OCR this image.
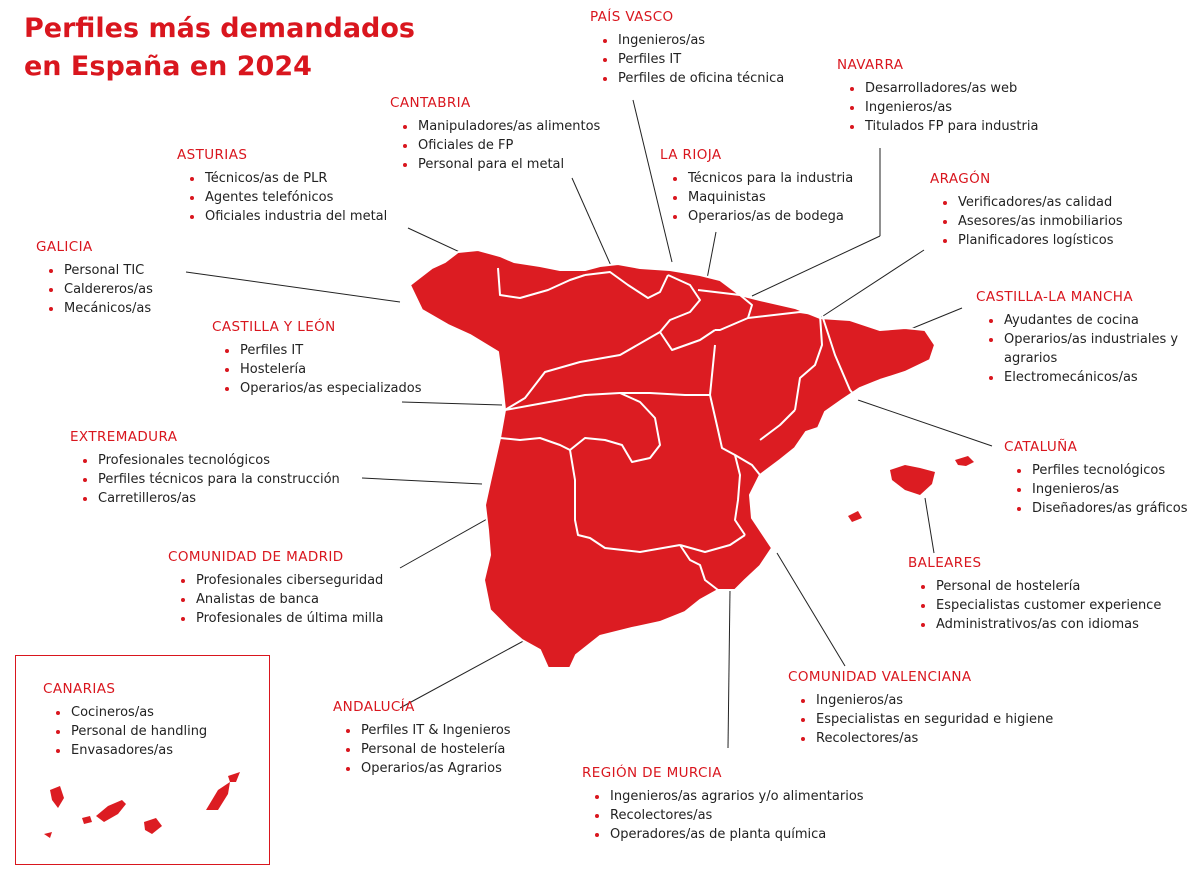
Perfiles más demandados
en España en 2024
PAÍS VASCO
Ingenieros/as
Perfiles IT
Perfiles de oficina técnica
NAVARRA
Desarrolladores/as web
Ingenieros/as
Titulados FP para industria
CANTABRIA
Manipuladores/as alimentos
Oficiales de FP
Personal para el metal
LA RIOJA
Técnicos para la industria
Maquinistas
Operarios/as de bodega
ASTURIAS
Técnicos/as de PLR
Agentes telefónicos
Oficiales industria del metal
ARAGÓN
Verificadores/as calidad
Asesores/as inmobiliarios
Planificadores logísticos
GALICIA
Personal TIC
Caldereros/as
Mecánicos/as
CASTILLA-LA MANCHA
Ayudantes de cocina
Operarios/as industriales y agrarios
Electromecánicos/as
CASTILLA Y LEÓN
Perfiles IT
Hostelería
Operarios/as especializados
EXTREMADURA
Profesionales tecnológicos
Perfiles técnicos para la construcción
Carretilleros/as
CATALUÑA
Perfiles tecnológicos
Ingenieros/as
Diseñadores/as gráficos
COMUNIDAD DE MADRID
Profesionales ciberseguridad
Analistas de banca
Profesionales de última milla
BALEARES
Personal de hostelería
Especialistas customer experience
Administrativos/as con idiomas
CANARIAS
Cocineros/as
Personal de handling
Envasadores/as
COMUNIDAD VALENCIANA
Ingenieros/as
Especialistas en seguridad e higiene
Recolectores/as
ANDALUCÍA
Perfiles IT & Ingenieros
Personal de hostelería
Operarios/as Agrarios	REGIÓN DE MURCIA
Ingenieros/as agrarios y/o alimentarios
Recolectores/as
Operadores/as de planta química
